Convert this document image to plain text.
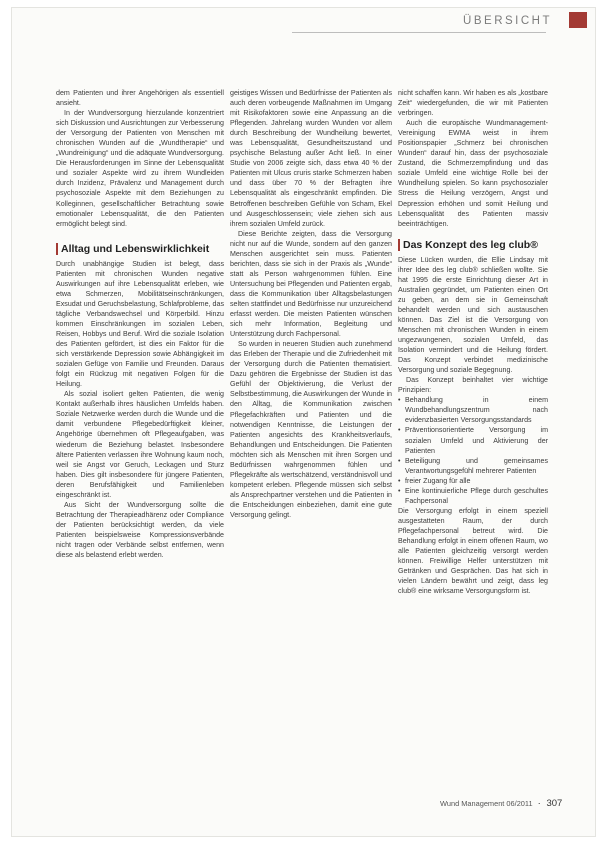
ÜBERSICHT

dem Patienten und ihrer Angehörigen als essentiell ansieht.

In der Wundversorgung hierzulande konzentriert sich Diskussion und Ausrichtungen zur Verbesserung der Versorgung der Patienten von Menschen mit chronischen Wunden auf die „Wundtherapie“ und „Wundreinigung“ und die adäquate Wundversorgung. Die Herausforderungen im Sinne der Lebensqualität und sozialer Aspekte wird zu ihrem Wundleiden durch Inzidenz, Prävalenz und Management durch psychosoziale Aspekte mit dem Beziehungen zu Kolleginnen, gesellschaftlicher Betrachtung sowie emotionaler Lebensqualität, die den Patienten ermöglicht belegt sind.

Alltag und Lebenswirklichkeit

Durch unabhängige Studien ist belegt, dass Patienten mit chronischen Wunden negative Auswirkungen auf ihre Lebensqualität erleben, wie etwa Schmerzen, Mobilitätseinschränkungen, Exsudat und Geruchsbelastung, Schlafprobleme, das tägliche Verbandswechsel und Körperbild. Hinzu kommen Einschränkungen im sozialen Leben, Reisen, Hobbys und Beruf. Wird die soziale Isolation des Patienten gefördert, ist dies ein Faktor für die sich verstärkende Depression sowie Abhängigkeit im sozialen Gefüge von Familie und Freunden. Daraus folgt ein Rückzug mit negativen Folgen für die Heilung.

Als sozial isoliert gelten Patienten, die wenig Kontakt außerhalb ihres häuslichen Umfelds haben. Soziale Netzwerke werden durch die Wunde und die damit verbundene Pflegebedürftigkeit kleiner, Angehörige übernehmen oft Pflegeaufgaben, was wiederum die Beziehung belastet. Insbesondere ältere Patienten verlassen ihre Wohnung kaum noch, weil sie Angst vor Geruch, Leckagen und Sturz haben. Dies gilt insbesondere für jüngere Patienten, deren Berufsfähigkeit und Familienleben eingeschränkt ist.

Aus Sicht der Wundversorgung sollte die Betrachtung der Therapieadhärenz oder Compliance der Patienten berücksichtigt werden, da viele Patienten beispielsweise Kompressionsverbände nicht tragen oder Verbände selbst entfernen, wenn diese als belastend erlebt werden.

geistiges Wissen und Bedürfnisse der Patienten als auch deren vorbeugende Maßnahmen im Umgang mit Risikofaktoren sowie eine Anpassung an die Pflegenden. Jahrelang wurden Wunden vor allem durch Beschreibung der Wundheilung bewertet, was Lebensqualität, Gesundheitszustand und psychische Belastung außer Acht ließ. In einer Studie von 2006 zeigte sich, dass etwa 40 % der Patienten mit Ulcus cruris starke Schmerzen haben und dass über 70 % der Befragten ihre Lebensqualität als eingeschränkt empfinden. Die Betroffenen beschreiben Gefühle von Scham, Ekel und Ausgeschlossensein; viele ziehen sich aus ihrem sozialen Umfeld zurück.

Diese Berichte zeigten, dass die Versorgung nicht nur auf die Wunde, sondern auf den ganzen Menschen ausgerichtet sein muss. Patienten berichten, dass sie sich in der Praxis als „Wunde“ statt als Person wahrgenommen fühlen. Eine Untersuchung bei Pflegenden und Patienten ergab, dass die Kommunikation über Alltagsbelastungen selten stattfindet und Bedürfnisse nur unzureichend erfasst werden. Die meisten Patienten wünschen sich mehr Information, Begleitung und Unterstützung durch Fachpersonal.

So wurden in neueren Studien auch zunehmend das Erleben der Therapie und die Zufriedenheit mit der Versorgung durch die Patienten thematisiert. Dazu gehören die Ergebnisse der Studien ist das Gefühl der Objektivierung, die Verlust der Selbstbestimmung, die Auswirkungen der Wunde in den Alltag, die Kommunikation zwischen Pflegefachkräften und Patienten und die notwendigen Kenntnisse, die Leistungen der Patienten angesichts des Krankheitsverlaufs, Behandlungen und Entscheidungen. Die Patienten möchten sich als Menschen mit ihren Sorgen und Bedürfnissen wahrgenommen fühlen und Pflegekräfte als wertschätzend, verständnisvoll und kompetent erleben. Pflegende müssen sich selbst als Ansprechpartner verstehen und die Patienten in die Entscheidungen einbeziehen, damit eine gute Versorgung gelingt.

nicht schaffen kann. Wir haben es als „kostbare Zeit“ wiedergefunden, die wir mit Patienten verbringen.

Auch die europäische Wundmanagement-Vereinigung EWMA weist in ihrem Positionspapier „Schmerz bei chronischen Wunden“ darauf hin, dass der psychosoziale Zustand, die Schmerzempfindung und das soziale Umfeld eine wichtige Rolle bei der Wundheilung spielen. So kann psychosozialer Stress die Heilung verzögern, Angst und Depression erhöhen und somit Heilung und Lebensqualität des Patienten massiv beeinträchtigen.

Das Konzept des leg club®

Diese Lücken wurden, die Ellie Lindsay mit ihrer Idee des leg club® schließen wollte. Sie hat 1995 die erste Einrichtung dieser Art in Australien gegründet, um Patienten einen Ort zu geben, an dem sie in Gemeinschaft behandelt werden und sich austauschen können. Das Ziel ist die Versorgung von Menschen mit chronischen Wunden in einem ungezwungenen, sozialen Umfeld, das Isolation vermindert und die Heilung fördert. Das Konzept verbindet medizinische Versorgung und soziale Begegnung.

Das Konzept beinhaltet vier wichtige Prinzipien:

• Behandlung in einem Wundbehandlungszentrum nach evidenzbasierten Versorgungsstandards
• Präventionsorientierte Versorgung im sozialen Umfeld und Aktivierung der Patienten
• Beteiligung und gemeinsames Verantwortungsgefühl mehrerer Patienten
• freier Zugang für alle
• Eine kontinuierliche Pflege durch geschultes Fachpersonal

Die Versorgung erfolgt in einem speziell ausgestatteten Raum, der durch Pflegefachpersonal betreut wird. Die Behandlung erfolgt in einem offenen Raum, wo alle Patienten gleichzeitig versorgt werden können. Freiwillige Helfer unterstützen mit Getränken und Gesprächen. Das hat sich in vielen Ländern bewährt und zeigt, dass leg club® eine wirksame Versorgungsform ist.

Wund Management 06/2011 · 307
